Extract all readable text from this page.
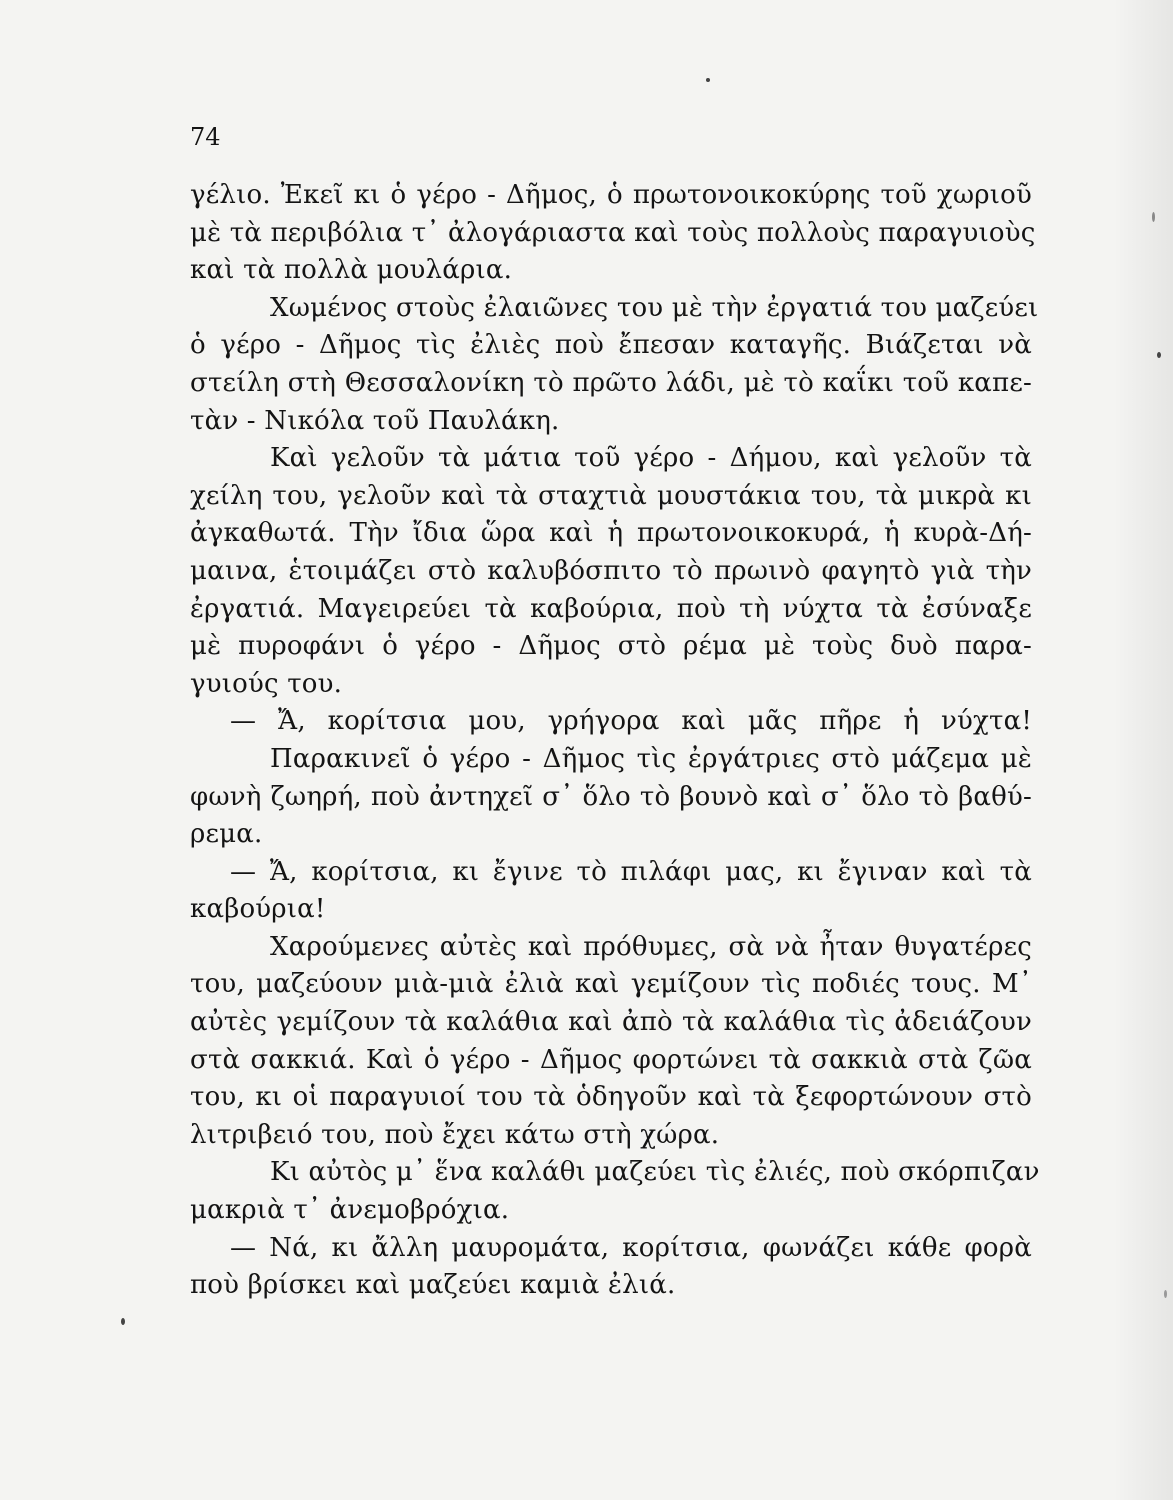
74
γέλιο. Ἐκεῖ κι ὁ γέρο - Δῆμος, ὁ πρωτονοικοκύρης τοῦ χωριοῦ
μὲ τὰ περιβόλια τ᾿ ἀλογάριαστα καὶ τοὺς πολλοὺς παραγυιοὺς
καὶ τὰ πολλὰ μουλάρια.
Χωμένος στοὺς ἐλαιῶνες του μὲ τὴν ἐργατιά του μαζεύει
ὁ γέρο - Δῆμος τὶς ἐλιὲς ποὺ ἔπεσαν καταγῆς. Βιάζεται νὰ
στείλη στὴ Θεσσαλονίκη τὸ πρῶτο λάδι, μὲ τὸ καΐκι τοῦ καπε-
τὰν - Νικόλα τοῦ Παυλάκη.
Καὶ γελοῦν τὰ μάτια τοῦ γέρο - Δήμου, καὶ γελοῦν τὰ
χείλη του, γελοῦν καὶ τὰ σταχτιὰ μουστάκια του, τὰ μικρὰ κι
ἀγκαθωτά. Τὴν ἴδια ὥρα καὶ ἡ πρωτονοικοκυρά, ἡ κυρὰ-Δή-
μαινα, ἑτοιμάζει στὸ καλυβόσπιτο τὸ πρωινὸ φαγητὸ γιὰ τὴν
ἐργατιά. Μαγειρεύει τὰ καβούρια, ποὺ τὴ νύχτα τὰ ἐσύναξε
μὲ πυροφάνι ὁ γέρο - Δῆμος στὸ ρέμα μὲ τοὺς δυὸ παρα-
γυιούς του.
— Ἄ, κορίτσια μου, γρήγορα καὶ μᾶς πῆρε ἡ νύχτα!
Παρακινεῖ ὁ γέρο - Δῆμος τὶς ἐργάτριες στὸ μάζεμα μὲ
φωνὴ ζωηρή, ποὺ ἀντηχεῖ σ᾿ ὅλο τὸ βουνὸ καὶ σ᾿ ὅλο τὸ βαθύ-
ρεμα.
— Ἄ, κορίτσια, κι ἔγινε τὸ πιλάφι μας, κι ἔγιναν καὶ τὰ
καβούρια!
Χαρούμενες αὐτὲς καὶ πρόθυμες, σὰ νὰ ἦταν θυγατέρες
του, μαζεύουν μιὰ-μιὰ ἐλιὰ καὶ γεμίζουν τὶς ποδιές τους. Μ᾿
αὐτὲς γεμίζουν τὰ καλάθια καὶ ἀπὸ τὰ καλάθια τὶς ἀδειάζουν
στὰ σακκιά. Καὶ ὁ γέρο - Δῆμος φορτώνει τὰ σακκιὰ στὰ ζῶα
του, κι οἱ παραγυιοί του τὰ ὁδηγοῦν καὶ τὰ ξεφορτώνουν στὸ
λιτριβειό του, ποὺ ἔχει κάτω στὴ χώρα.
Κι αὐτὸς μ᾿ ἕνα καλάθι μαζεύει τὶς ἐλιές, ποὺ σκόρπιζαν
μακριὰ τ᾿ ἀνεμοβρόχια.
— Νά, κι ἄλλη μαυρομάτα, κορίτσια, φωνάζει κάθε φορὰ
ποὺ βρίσκει καὶ μαζεύει καμιὰ ἐλιά.
